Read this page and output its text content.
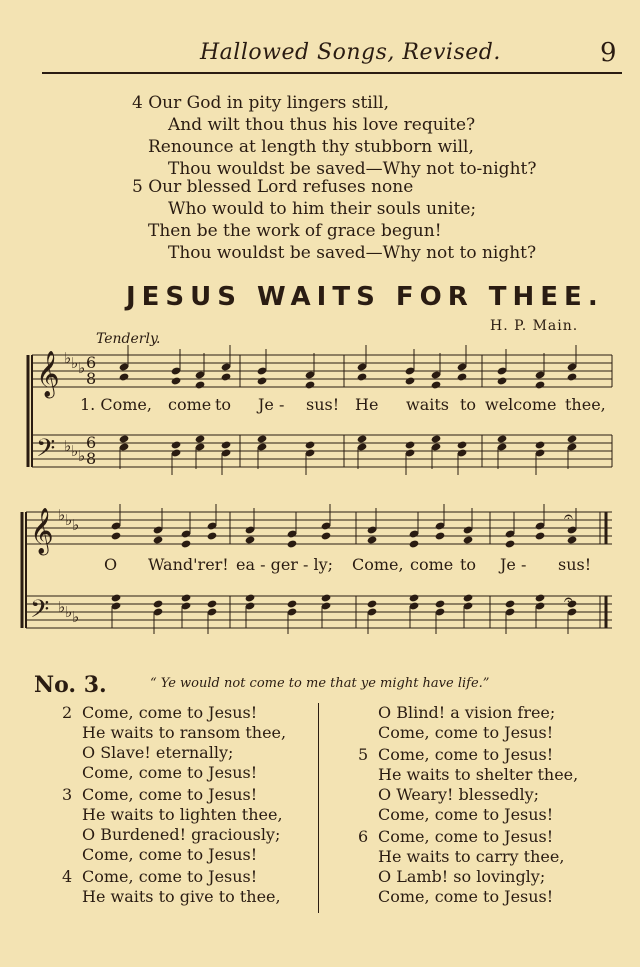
Hallowed Songs, Revised.	9
4 Our God in pity lingers still,
And wilt thou thus his love requite?
Renounce at length thy stubborn will,
Thou wouldst be saved—Why not to-night?
5 Our blessed Lord refuses none
Who would to him their souls unite;
Then be the work of grace begun!
Thou wouldst be saved—Why not to night?
JESUS WAITS FOR THEE.
H. P. Main.
Tenderly.
𝄞
𝄢
♭
♭
♭
♭
♭
♭
𝄞
𝄢
♭
♭
♭
♭
♭
♭
6
8
6
8
𝄐
𝄐
1. Come, come to Je - sus! He waits to welcome thee,
O Wand'rer! ea - ger - ly; Come, come to Je - sus!
No. 3.	“ Ye would not come to me that ye might have life.”
2 Come, come to Jesus!
He waits to ransom thee,
O Slave! eternally;
Come, come to Jesus!
3 Come, come to Jesus!
He waits to lighten thee,
O Burdened! graciously;
Come, come to Jesus!
4 Come, come to Jesus!
He waits to give to thee,
O Blind! a vision free;
Come, come to Jesus!
5 Come, come to Jesus!
He waits to shelter thee,
O Weary! blessedly;
Come, come to Jesus!
6 Come, come to Jesus!
He waits to carry thee,
O Lamb! so lovingly;
Come, come to Jesus!
